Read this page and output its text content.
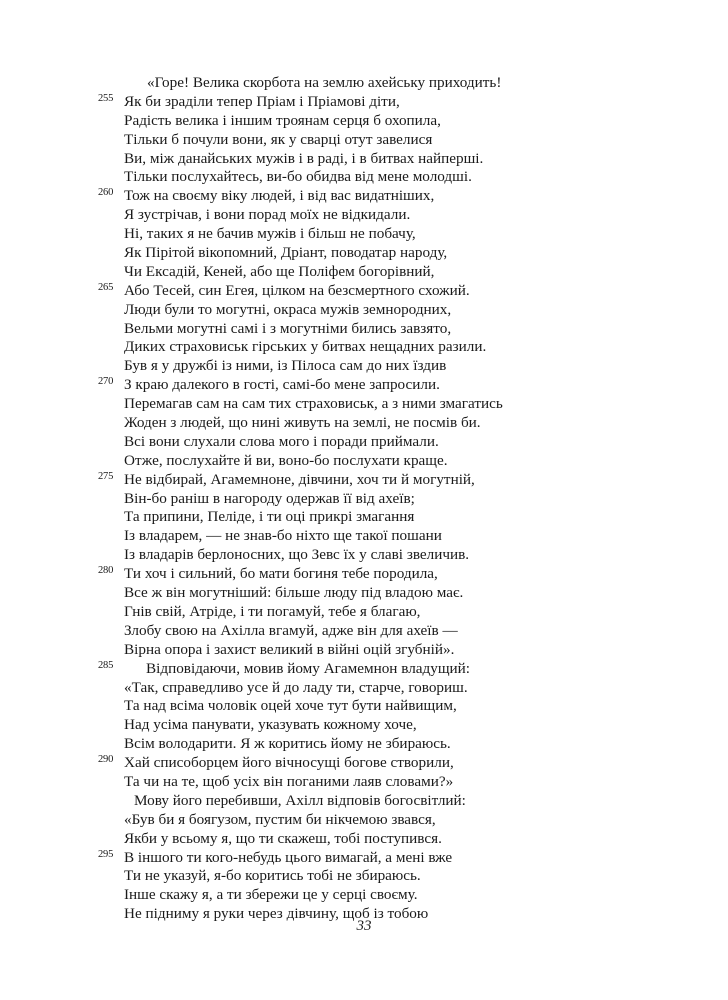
«Горе! Велика скорбота на землю ахейську приходить!
255 Як би зрадiли тепер Прiам i Прiамовi дiти,
Радiсть велика i iншим троянам серця б охопила,
Тiльки б почули вони, як у сварцi отут завелися
Ви, мiж данайських мужiв i в радi, i в битвах найпершi.
Тiльки послухайтесь, ви-бо обидва вiд мене молодшi.
260 Тож на своєму вiку людей, i вiд вас видатнiших,
Я зустрiчав, i вони порад моїх не вiдкидали.
Нi, таких я не бачив мужiв i бiльш не побачу,
Як Пiрiтой вiкопомний, Дрiант, поводатар народу,
Чи Ексадiй, Кеней, або ще Полiфем богорiвний,
265 Або Тесей, син Егея, цiлком на безсмертного схожий.
Люди були то могутнi, окраса мужiв земнородних,
Вельми могутнi самi i з могутнiми бились завзято,
Диких страховиськ гiрських у битвах нещадних разили.
Був я у дружбi iз ними, iз Пiлоса сам до них їздив
270 З краю далекого в гостi, самi-бо мене запросили.
Перемагав сам на сам тих страховиськ, а з ними змагатись
Жоден з людей, що нинi живуть на землi, не посмiв би.
Всi вони слухали слова мого i поради приймали.
Отже, послухайте й ви, воно-бо послухати краще.
275 Не вiдбирай, Агамемноне, дiвчини, хоч ти й могутнiй,
Вiн-бо ранiш в нагороду одержав її вiд ахеїв;
Та припини, Пелiде, i ти оцi прикрi змагання
Iз владарем, — не знав-бо нiхто ще такої пошани
Iз владарiв берлоносних, що Зевс їх у славi звеличив.
280 Ти хоч i сильний, бо мати богиня тебе породила,
Все ж вiн могутнiший: бiльше люду пiд владою має.
Гнiв свiй, Атрiде, i ти погамуй, тебе я благаю,
Злобу свою на Ахiлла вгамуй, адже вiн для ахеїв —
Вiрна опора i захист великий в вiйнi оцiй згубнiй».
285 Вiдповiдаючи, мовив йому Агамемнон владущий:
«Так, справедливо усе й до ладу ти, старче, говориш.
Та над всiма чоловiк оцей хоче тут бути найвищим,
Над усiма панувати, указувать кожному хоче,
Всiм володарити. Я ж коритись йому не збираюсь.
290 Хай списоборцем його вiчносущi богове створили,
Та чи на те, щоб усiх вiн поганими лаяв словами?»
Мову його перебивши, Ахiлл вiдповiв богосвiтлий:
«Був би я боягузом, пустим би нiкчемою звався,
Якби у всьому я, що ти скажеш, тобi поступився.
295 В iншого ти кого-небудь цього вимагай, а менi вже
Ти не указуй, я-бо коритись тобi не збираюсь.
Iнше скажу я, а ти збережи це у серцi своєму.
Не пiдниму я руки через дiвчину, щоб iз тобою
33
